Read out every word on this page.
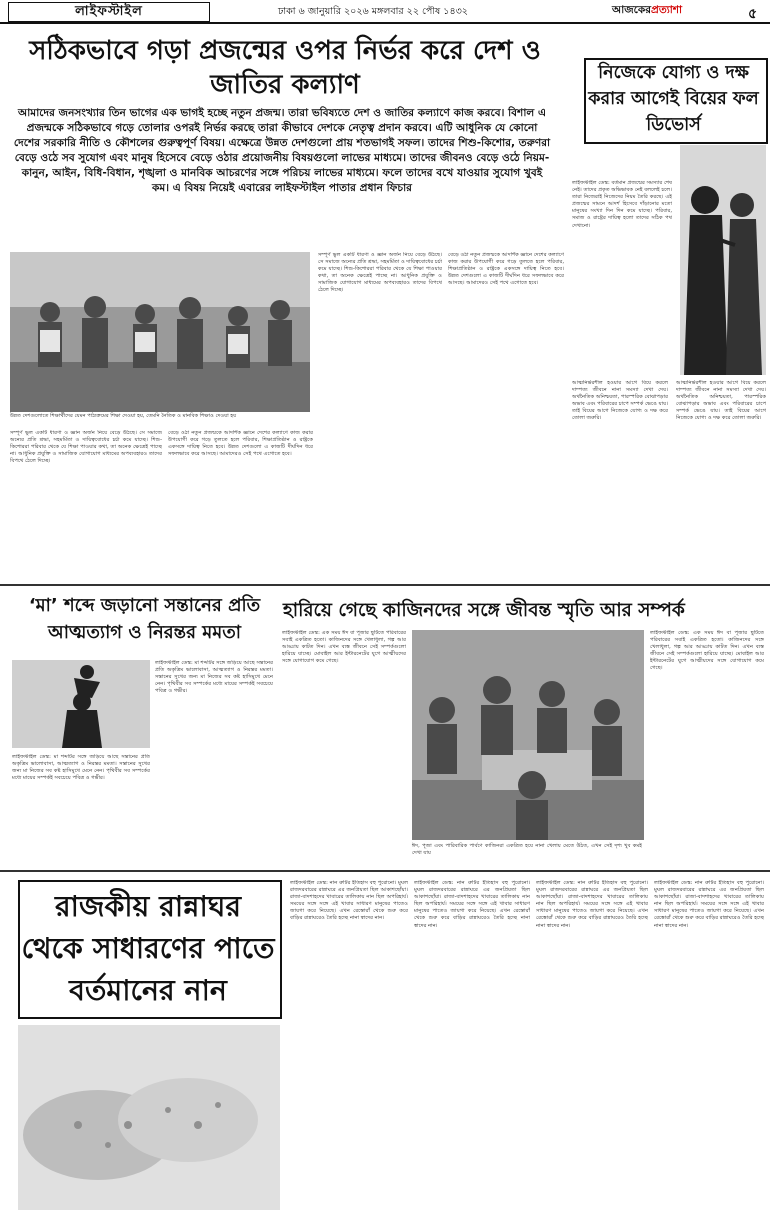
লাইফস্টাইল	ঢাকা ৬ জানুয়ারি ২০২৬ মঙ্গলবার ২২ পৌষ ১৪৩২	আজকেরপ্রত্যাশা	৫
সঠিকভাবে গড়া প্রজন্মের ওপর নির্ভর করে দেশ ও জাতির কল্যাণ
আমাদের জনসংখ্যার তিন ভাগের এক ভাগই হচ্ছে নতুন প্রজন্ম। তারা ভবিষ্যতে দেশ ও জাতির কল্যাণে কাজ করবে। বিশাল এ প্রজন্মকে সঠিকভাবে গড়ে তোলার ওপরই নির্ভর করছে তারা কীভাবে দেশকে নেতৃত্ব প্রদান করবে। এটি আধুনিক যে কোনো দেশের সরকারি নীতি ও কৌশলের গুরুত্বপূর্ণ বিষয়। এক্ষেত্রে উন্নত দেশগুলো প্রায় শতভাগই সফল। তাদের শিশু-কিশোর, তরুণরা বেড়ে ওঠে সব সুযোগ এবং মানুষ হিসেবে বেড়ে ওঠার প্রয়োজনীয় বিষয়গুলো লাভের মাধ্যমে। তাদের জীবনও বেড়ে ওঠে নিয়ম-কানুন, আইন, বিধি-বিধান, শৃঙ্খলা ও মানবিক আচরণের সঙ্গে পরিচয় লাভের মাধ্যমে। ফলে তাদের বখে যাওয়ার সুযোগ খুবই কম। এ বিষয় নিয়েই এবারের লাইফস্টাইল পাতার প্রধান ফিচার
উন্নত দেশগুলোতে শিক্ষার্থীদের যেমন পাঠ্যক্রমের শিক্ষা দেওয়া হয়, তেমনি নৈতিক ও মানবিক শিক্ষাও দেওয়া হয়
সম্পূর্ণ ভুল একটি ধারণা ও জ্ঞান অর্জন নিয়ে বেড়ে উঠছে। সে সমাজে অন্যের প্রতি শ্রদ্ধা, সহমর্মিতা ও দায়িত্ববোধের চর্চা কমে যাচ্ছে। শিশু-কিশোররা পরিবার থেকে যে শিক্ষা পাওয়ার কথা, তা অনেক ক্ষেত্রেই পাচ্ছে না। আধুনিক প্রযুক্তি ও সামাজিক যোগাযোগ মাধ্যমের অপব্যবহারও তাদের বিপথে ঠেলে দিচ্ছে।
বেড়ে ওঠা নতুন প্রজন্মকে আদর্শিক জ্ঞানে দেশের কল্যাণে কাজ করার উপযোগী করে গড়ে তুলতে হলে পরিবার, শিক্ষাপ্রতিষ্ঠান ও রাষ্ট্রকে একসঙ্গে দায়িত্ব নিতে হবে। উন্নত দেশগুলো এ কাজটি দীর্ঘদিন ধরে সফলভাবে করে আসছে। আমাদেরও সেই পথে এগোতে হবে।
সম্পূর্ণ ভুল একটি ধারণা ও জ্ঞান অর্জন নিয়ে বেড়ে উঠছে। সে সমাজে অন্যের প্রতি শ্রদ্ধা, সহমর্মিতা ও দায়িত্ববোধের চর্চা কমে যাচ্ছে। শিশু-কিশোররা পরিবার থেকে যে শিক্ষা পাওয়ার কথা, তা অনেক ক্ষেত্রেই পাচ্ছে না। আধুনিক প্রযুক্তি ও সামাজিক যোগাযোগ মাধ্যমের অপব্যবহারও তাদের বিপথে ঠেলে দিচ্ছে।
বেড়ে ওঠা নতুন প্রজন্মকে আদর্শিক জ্ঞানে দেশের কল্যাণে কাজ করার উপযোগী করে গড়ে তুলতে হলে পরিবার, শিক্ষাপ্রতিষ্ঠান ও রাষ্ট্রকে একসঙ্গে দায়িত্ব নিতে হবে। উন্নত দেশগুলো এ কাজটি দীর্ঘদিন ধরে সফলভাবে করে আসছে। আমাদেরও সেই পথে এগোতে হবে।
লাইফস্টাইল ডেস্ক: বর্তমান প্রজন্মের সমস্যার শেষ নেই। তাদের প্রকৃত অভিভাবক নেই বললেই চলে। তারা নিজেরাই নিজেদের নিয়ম তৈরি করছে। এই প্রজন্মের সামনে আদর্শ হিসেবে দাঁড়ানোর মতো মানুষের সংখ্যা দিন দিন কমে যাচ্ছে। পরিবার, সমাজ ও রাষ্ট্রের দায়িত্ব হলো তাদের সঠিক পথ দেখানো।
নিজেকে যোগ্য ও দক্ষ করার আগেই বিয়ের ফল ডিভোর্স
আত্মনির্ভরশীল হওয়ার আগে বিয়ে করলে দাম্পত্য জীবনে নানা সমস্যা দেখা দেয়। অর্থনৈতিক অনিশ্চয়তা, পারস্পরিক বোঝাপড়ার অভাব এবং পরিবারের চাপে সম্পর্ক ভেঙে যায়। তাই বিয়ের আগে নিজেকে যোগ্য ও দক্ষ করে তোলা জরুরি।
আত্মনির্ভরশীল হওয়ার আগে বিয়ে করলে দাম্পত্য জীবনে নানা সমস্যা দেখা দেয়। অর্থনৈতিক অনিশ্চয়তা, পারস্পরিক বোঝাপড়ার অভাব এবং পরিবারের চাপে সম্পর্ক ভেঙে যায়। তাই বিয়ের আগে নিজেকে যোগ্য ও দক্ষ করে তোলা জরুরি।
‘মা’ শব্দে জড়ানো সন্তানের প্রতি আত্মত্যাগ ও নিরন্তর মমতা
লাইফস্টাইল ডেস্ক: মা শব্দটির সঙ্গে জড়িয়ে আছে সন্তানের প্রতি অকৃত্রিম ভালোবাসা, আত্মত্যাগ ও নিরন্তর মমতা। সন্তানের সুখের জন্য মা নিজের সব কষ্ট হাসিমুখে মেনে নেন। পৃথিবীর সব সম্পর্কের মধ্যে মায়ের সম্পর্কই সবচেয়ে পবিত্র ও গভীর।
লাইফস্টাইল ডেস্ক: মা শব্দটির সঙ্গে জড়িয়ে আছে সন্তানের প্রতি অকৃত্রিম ভালোবাসা, আত্মত্যাগ ও নিরন্তর মমতা। সন্তানের সুখের জন্য মা নিজের সব কষ্ট হাসিমুখে মেনে নেন। পৃথিবীর সব সম্পর্কের মধ্যে মায়ের সম্পর্কই সবচেয়ে পবিত্র ও গভীর।
হারিয়ে গেছে কাজিনদের সঙ্গে জীবন্ত স্মৃতি আর সম্পর্ক
ঈদ, পূজা এবং পারিবারিক পার্বণে কাজিনরা একত্রিত হয়ে নানা খেলায় মেতে উঠত, এখন সেই দৃশ্য খুব কমই দেখা যায়
লাইফস্টাইল ডেস্ক: এক সময় ঈদ বা পূজার ছুটিতে পরিবারের সবাই একত্রিত হতো। কাজিনদের সঙ্গে খেলাধুলা, গল্প আর আড্ডায় কাটত দিন। এখন ব্যস্ত জীবনে সেই সম্পর্কগুলো হারিয়ে যাচ্ছে। মোবাইল আর ইন্টারনেটের যুগে আত্মীয়দের সঙ্গে যোগাযোগ কমে গেছে।
লাইফস্টাইল ডেস্ক: এক সময় ঈদ বা পূজার ছুটিতে পরিবারের সবাই একত্রিত হতো। কাজিনদের সঙ্গে খেলাধুলা, গল্প আর আড্ডায় কাটত দিন। এখন ব্যস্ত জীবনে সেই সম্পর্কগুলো হারিয়ে যাচ্ছে। মোবাইল আর ইন্টারনেটের যুগে আত্মীয়দের সঙ্গে যোগাযোগ কমে গেছে।
রাজকীয় রান্নাঘর থেকে সাধারণের পাতে বর্তমানের নান
লাইফস্টাইল ডেস্ক: নান রুটির ইতিহাস বহু পুরোনো। মুঘল রাজদরবারের রান্নাঘরে এর জনপ্রিয়তা ছিল আকাশছোঁয়া। রাজা-বাদশাহদের খাবারের তালিকায় নান ছিল অপরিহার্য। সময়ের সঙ্গে সঙ্গে এই খাবার সাধারণ মানুষের পাতেও জায়গা করে নিয়েছে। এখন রেস্তোরাঁ থেকে শুরু করে বাড়ির রান্নাঘরেও তৈরি হচ্ছে নানা স্বাদের নান।
লাইফস্টাইল ডেস্ক: নান রুটির ইতিহাস বহু পুরোনো। মুঘল রাজদরবারের রান্নাঘরে এর জনপ্রিয়তা ছিল আকাশছোঁয়া। রাজা-বাদশাহদের খাবারের তালিকায় নান ছিল অপরিহার্য। সময়ের সঙ্গে সঙ্গে এই খাবার সাধারণ মানুষের পাতেও জায়গা করে নিয়েছে। এখন রেস্তোরাঁ থেকে শুরু করে বাড়ির রান্নাঘরেও তৈরি হচ্ছে নানা স্বাদের নান।
লাইফস্টাইল ডেস্ক: নান রুটির ইতিহাস বহু পুরোনো। মুঘল রাজদরবারের রান্নাঘরে এর জনপ্রিয়তা ছিল আকাশছোঁয়া। রাজা-বাদশাহদের খাবারের তালিকায় নান ছিল অপরিহার্য। সময়ের সঙ্গে সঙ্গে এই খাবার সাধারণ মানুষের পাতেও জায়গা করে নিয়েছে। এখন রেস্তোরাঁ থেকে শুরু করে বাড়ির রান্নাঘরেও তৈরি হচ্ছে নানা স্বাদের নান।
লাইফস্টাইল ডেস্ক: নান রুটির ইতিহাস বহু পুরোনো। মুঘল রাজদরবারের রান্নাঘরে এর জনপ্রিয়তা ছিল আকাশছোঁয়া। রাজা-বাদশাহদের খাবারের তালিকায় নান ছিল অপরিহার্য। সময়ের সঙ্গে সঙ্গে এই খাবার সাধারণ মানুষের পাতেও জায়গা করে নিয়েছে। এখন রেস্তোরাঁ থেকে শুরু করে বাড়ির রান্নাঘরেও তৈরি হচ্ছে নানা স্বাদের নান।
